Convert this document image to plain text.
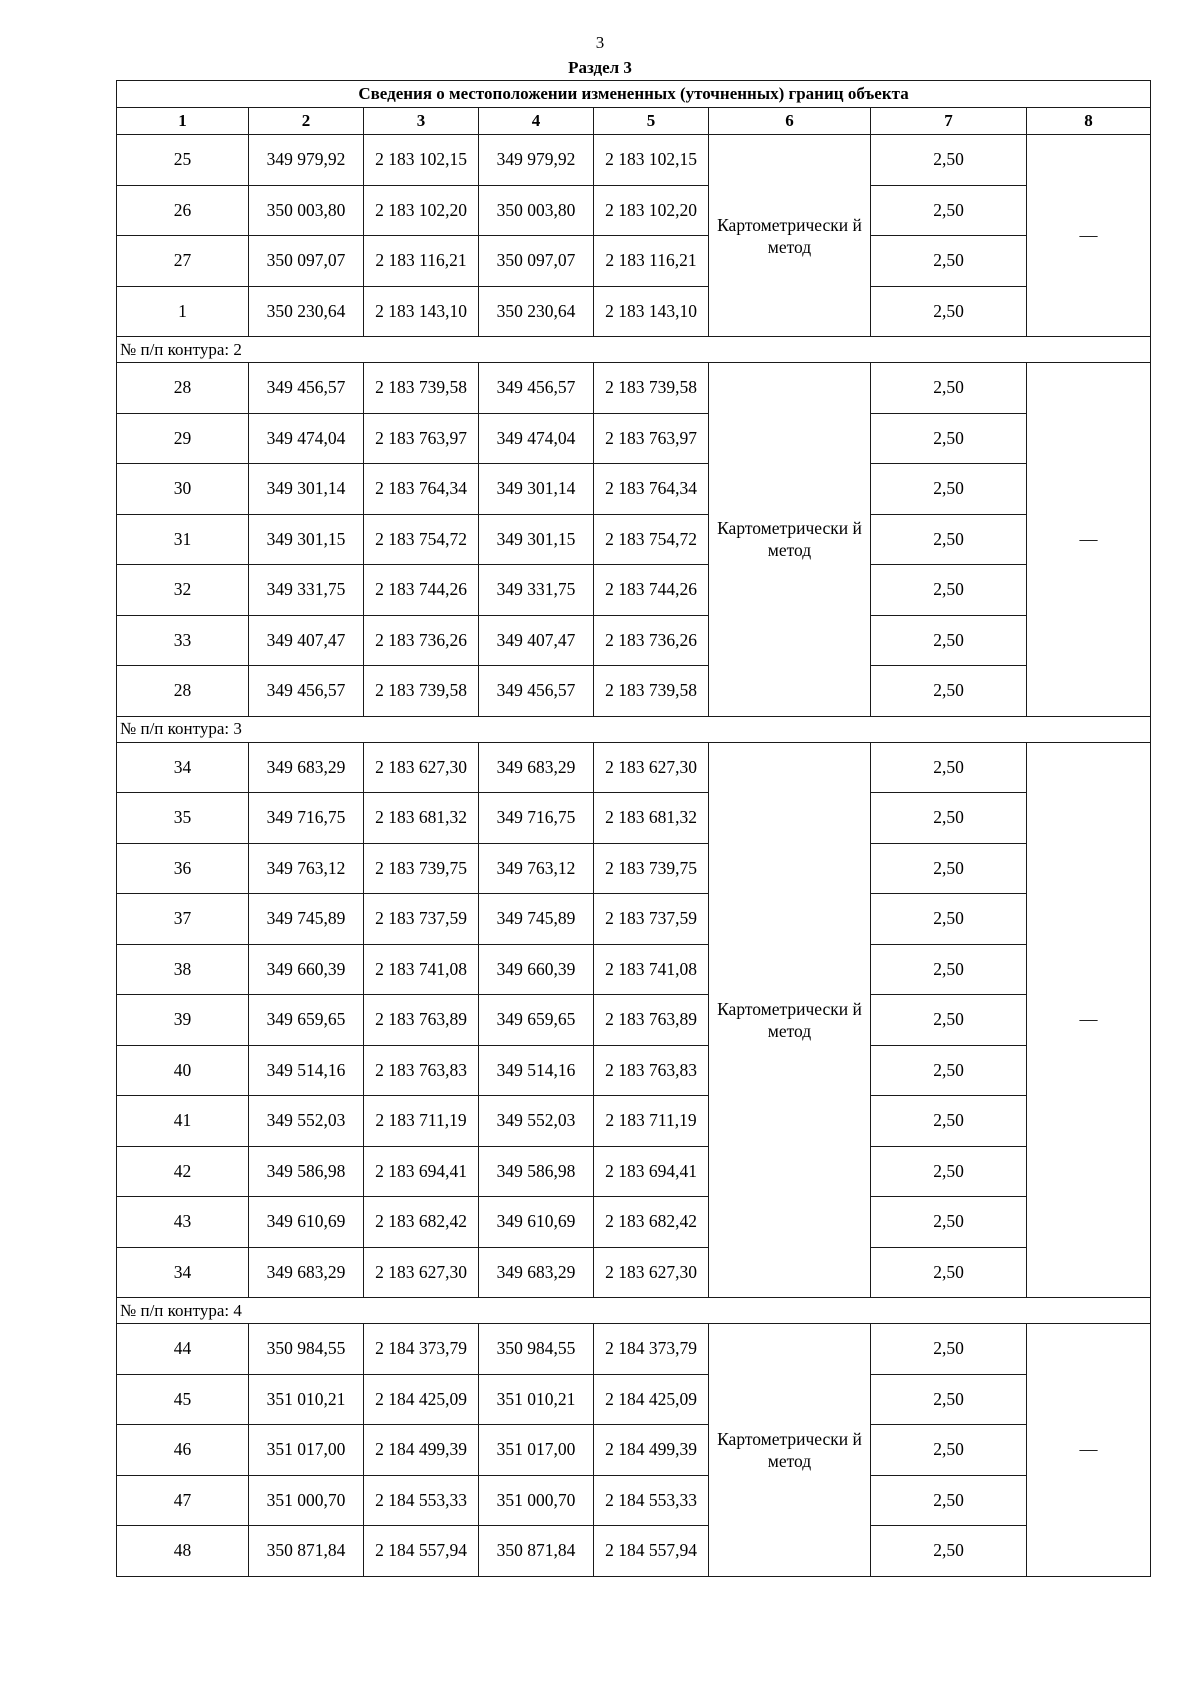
3
Раздел 3
Сведения о местоположении измененных (уточненных) границ объекта							
1	2	3	4	5	6	7	8
25	349 979,92	2 183 102,15	349 979,92	2 183 102,15	Картометрически й метод	2,50	—
26	350 003,80	2 183 102,20	350 003,80	2 183 102,20		2,50	
27	350 097,07	2 183 116,21	350 097,07	2 183 116,21		2,50	
1	350 230,64	2 183 143,10	350 230,64	2 183 143,10		2,50	
№ п/п контура: 2							
28	349 456,57	2 183 739,58	349 456,57	2 183 739,58	Картометрически й метод	2,50	—
29	349 474,04	2 183 763,97	349 474,04	2 183 763,97		2,50	
30	349 301,14	2 183 764,34	349 301,14	2 183 764,34		2,50	
31	349 301,15	2 183 754,72	349 301,15	2 183 754,72		2,50	
32	349 331,75	2 183 744,26	349 331,75	2 183 744,26		2,50	
33	349 407,47	2 183 736,26	349 407,47	2 183 736,26		2,50	
28	349 456,57	2 183 739,58	349 456,57	2 183 739,58		2,50	
№ п/п контура: 3							
34	349 683,29	2 183 627,30	349 683,29	2 183 627,30	Картометрически й метод	2,50	—
35	349 716,75	2 183 681,32	349 716,75	2 183 681,32		2,50	
36	349 763,12	2 183 739,75	349 763,12	2 183 739,75		2,50	
37	349 745,89	2 183 737,59	349 745,89	2 183 737,59		2,50	
38	349 660,39	2 183 741,08	349 660,39	2 183 741,08		2,50	
39	349 659,65	2 183 763,89	349 659,65	2 183 763,89		2,50	
40	349 514,16	2 183 763,83	349 514,16	2 183 763,83		2,50	
41	349 552,03	2 183 711,19	349 552,03	2 183 711,19		2,50	
42	349 586,98	2 183 694,41	349 586,98	2 183 694,41		2,50	
43	349 610,69	2 183 682,42	349 610,69	2 183 682,42		2,50	
34	349 683,29	2 183 627,30	349 683,29	2 183 627,30		2,50	
№ п/п контура: 4							
44	350 984,55	2 184 373,79	350 984,55	2 184 373,79	Картометрически й метод	2,50	—
45	351 010,21	2 184 425,09	351 010,21	2 184 425,09		2,50	
46	351 017,00	2 184 499,39	351 017,00	2 184 499,39		2,50	
47	351 000,70	2 184 553,33	351 000,70	2 184 553,33		2,50	
48	350 871,84	2 184 557,94	350 871,84	2 184 557,94		2,50	
